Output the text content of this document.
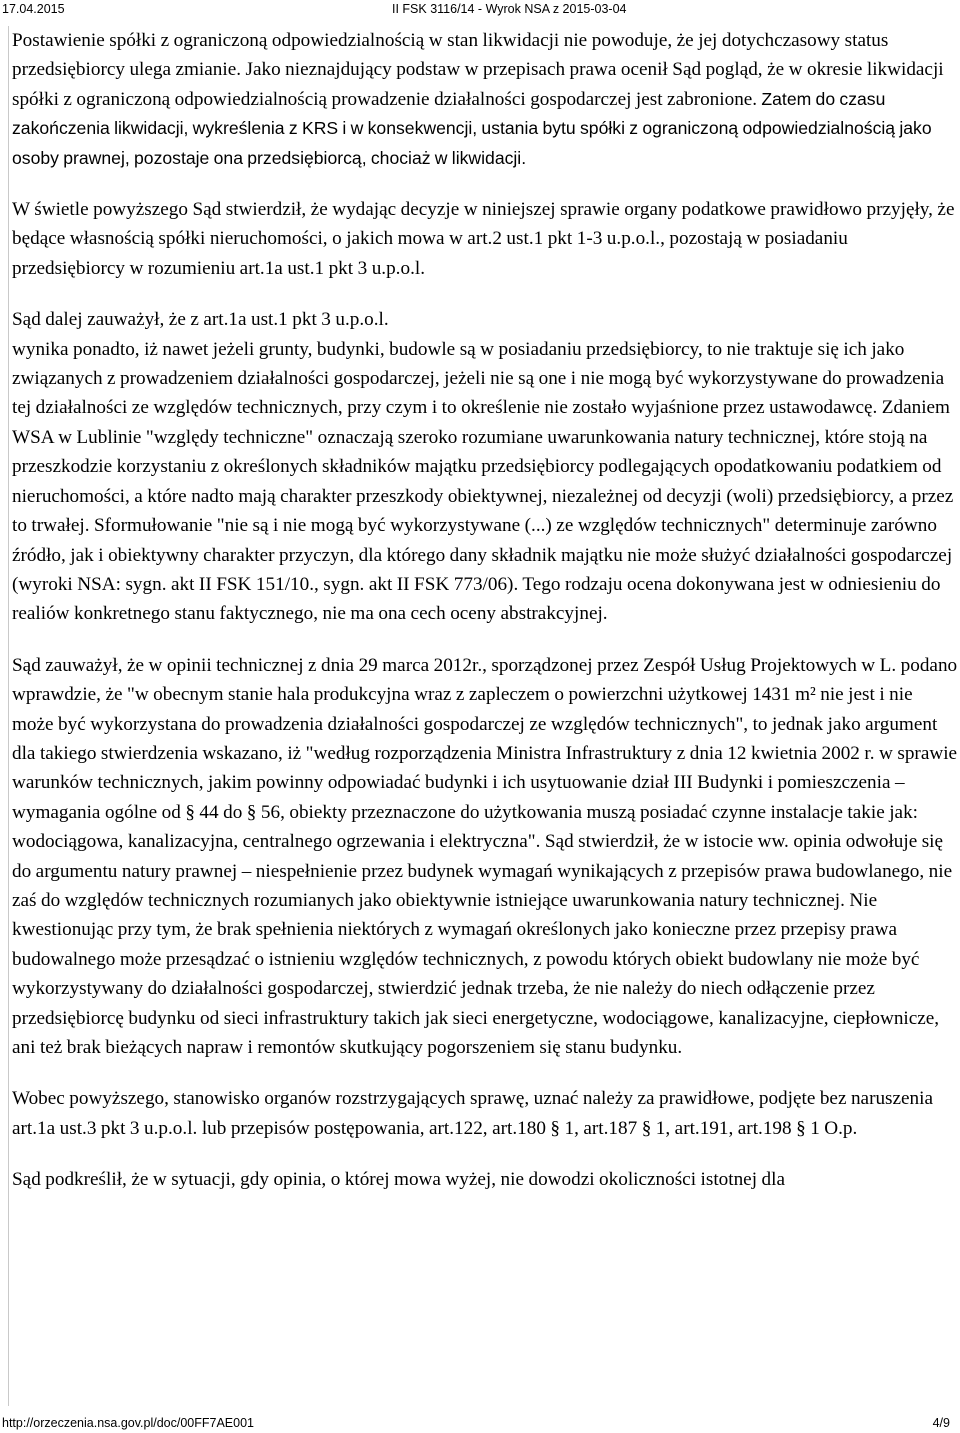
17.04.2015	II FSK 3116/14 - Wyrok NSA z 2015-03-04

Postawienie spółki z ograniczoną odpowiedzialnością w stan likwidacji nie powoduje, że jej dotychczasowy status przedsiębiorcy ulega zmianie. Jako nieznajdujący podstaw w przepisach prawa ocenił Sąd pogląd, że w okresie likwidacji spółki z ograniczoną odpowiedzialnością prowadzenie działalności gospodarczej jest zabronione. Zatem do czasu zakończenia likwidacji, wykreślenia z KRS i w konsekwencji, ustania bytu spółki z ograniczoną odpowiedzialnością jako osoby prawnej, pozostaje ona przedsiębiorcą, chociaż w likwidacji.

W świetle powyższego Sąd stwierdził, że wydając decyzje w niniejszej sprawie organy podatkowe prawidłowo przyjęły, że będące własnością spółki nieruchomości, o jakich mowa w art.2 ust.1 pkt 1-3 u.p.o.l., pozostają w posiadaniu przedsiębiorcy w rozumieniu art.1a ust.1 pkt 3 u.p.o.l.

Sąd dalej zauważył, że z art.1a ust.1 pkt 3 u.p.o.l.

wynika ponadto, iż nawet jeżeli grunty, budynki, budowle są w posiadaniu przedsiębiorcy, to nie traktuje się ich jako związanych z prowadzeniem działalności gospodarczej, jeżeli nie są one i nie mogą być wykorzystywane do prowadzenia tej działalności ze względów technicznych, przy czym i to określenie nie zostało wyjaśnione przez ustawodawcę. Zdaniem WSA w Lublinie "względy techniczne" oznaczają szeroko rozumiane uwarunkowania natury technicznej, które stoją na przeszkodzie korzystaniu z określonych składników majątku przedsiębiorcy podlegających opodatkowaniu podatkiem od nieruchomości, a które nadto mają charakter przeszkody obiektywnej, niezależnej od decyzji (woli) przedsiębiorcy, a przez to trwałej. Sformułowanie "nie są i nie mogą być wykorzystywane (...) ze względów technicznych" determinuje zarówno źródło, jak i obiektywny charakter przyczyn, dla którego dany składnik majątku nie może służyć działalności gospodarczej (wyroki NSA: sygn. akt II FSK 151/10., sygn. akt II FSK 773/06). Tego rodzaju ocena dokonywana jest w odniesieniu do realiów konkretnego stanu faktycznego, nie ma ona cech oceny abstrakcyjnej.

Sąd zauważył, że w opinii technicznej z dnia 29 marca 2012r., sporządzonej przez Zespół Usług Projektowych w L. podano wprawdzie, że "w obecnym stanie hala produkcyjna wraz z zapleczem o powierzchni użytkowej 1431 m² nie jest i nie może być wykorzystana do prowadzenia działalności gospodarczej ze względów technicznych", to jednak jako argument dla takiego stwierdzenia wskazano, iż "według rozporządzenia Ministra Infrastruktury z dnia 12 kwietnia 2002 r. w sprawie warunków technicznych, jakim powinny odpowiadać budynki i ich usytuowanie dział III Budynki i pomieszczenia – wymagania ogólne od § 44 do § 56, obiekty przeznaczone do użytkowania muszą posiadać czynne instalacje takie jak: wodociągowa, kanalizacyjna, centralnego ogrzewania i elektryczna". Sąd stwierdził, że w istocie ww. opinia odwołuje się do argumentu natury prawnej – niespełnienie przez budynek wymagań wynikających z przepisów prawa budowlanego, nie zaś do względów technicznych rozumianych jako obiektywnie istniejące uwarunkowania natury technicznej. Nie kwestionując przy tym, że brak spełnienia niektórych z wymagań określonych jako konieczne przez przepisy prawa budowalnego może przesądzać o istnieniu względów technicznych, z powodu których obiekt budowlany nie może być wykorzystywany do działalności gospodarczej, stwierdzić jednak trzeba, że nie należy do niech odłączenie przez przedsiębiorcę budynku od sieci infrastruktury takich jak sieci energetyczne, wodociągowe, kanalizacyjne, ciepłownicze, ani też brak bieżących napraw i remontów skutkujący pogorszeniem się stanu budynku.

Wobec powyższego, stanowisko organów rozstrzygających sprawę, uznać należy za prawidłowe, podjęte bez naruszenia art.1a ust.3 pkt 3 u.p.o.l. lub przepisów postępowania, art.122, art.180 § 1, art.187 § 1, art.191, art.198 § 1 O.p.

Sąd podkreślił, że w sytuacji, gdy opinia, o której mowa wyżej, nie dowodzi okoliczności istotnej dla

http://orzeczenia.nsa.gov.pl/doc/00FF7AE001	4/9
